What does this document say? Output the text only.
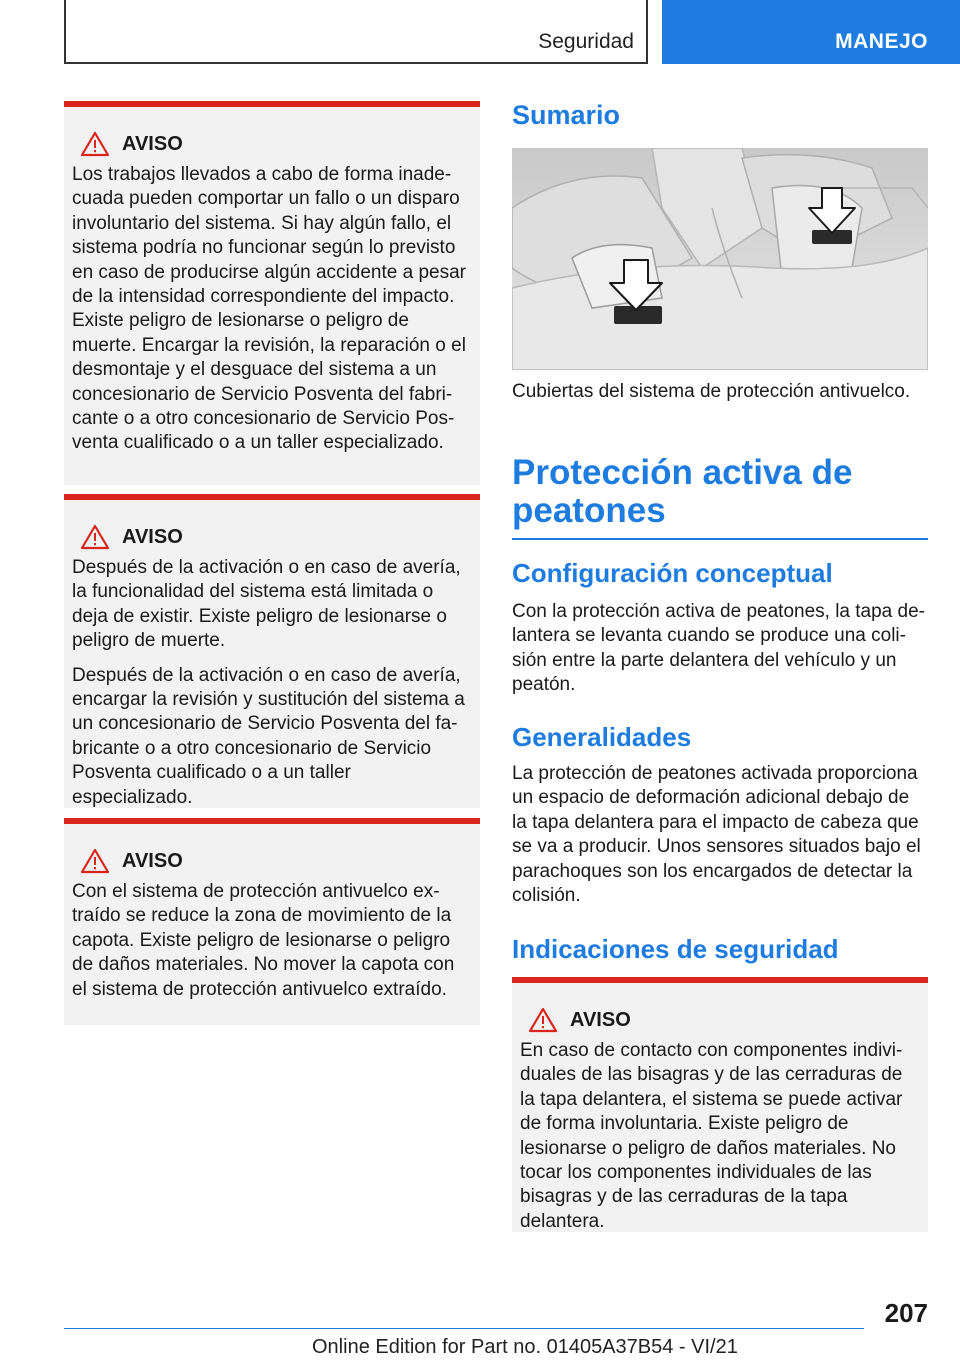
Seguridad	MANEJO
AVISO

Los trabajos llevados a cabo de forma inade-cuada pueden comportar un fallo o un disparo involuntario del sistema. Si hay algún fallo, el sistema podría no funcionar según lo previsto en caso de producirse algún accidente a pesar de la intensidad correspondiente del impacto. Existe peligro de lesionarse o peligro de muerte. Encargar la revisión, la reparación o el desmontaje y el desguace del sistema a un concesionario de Servicio Posventa del fabri-cante o a otro concesionario de Servicio Pos-venta cualificado o a un taller especializado.

AVISO

Después de la activación o en caso de avería, la funcionalidad del sistema está limitada o deja de existir. Existe peligro de lesionarse o peligro de muerte.

Después de la activación o en caso de avería, encargar la revisión y sustitución del sistema a un concesionario de Servicio Posventa del fa-bricante o a otro concesionario de Servicio Posventa cualificado o a un taller especializado.

AVISO

Con el sistema de protección antivuelco ex-traído se reduce la zona de movimiento de la capota. Existe peligro de lesionarse o peligro de daños materiales. No mover la capota con el sistema de protección antivuelco extraído.

Sumario

Cubiertas del sistema de protección antivuelco.

Protección activa de peatones
Configuración conceptual

Con la protección activa de peatones, la tapa de-lantera se levanta cuando se produce una coli-sión entre la parte delantera del vehículo y un peatón.

Generalidades

La protección de peatones activada proporciona un espacio de deformación adicional debajo de la tapa delantera para el impacto de cabeza que se va a producir. Unos sensores situados bajo el parachoques son los encargados de detectar la colisión.

Indicaciones de seguridad
AVISO

En caso de contacto con componentes indivi-duales de las bisagras y de las cerraduras de la tapa delantera, el sistema se puede activar de forma involuntaria. Existe peligro de lesionarse o peligro de daños materiales. No tocar los componentes individuales de las bisagras y de las cerraduras de la tapa delantera.

207
Online Edition for Part no. 01405A37B54 - VI/21
